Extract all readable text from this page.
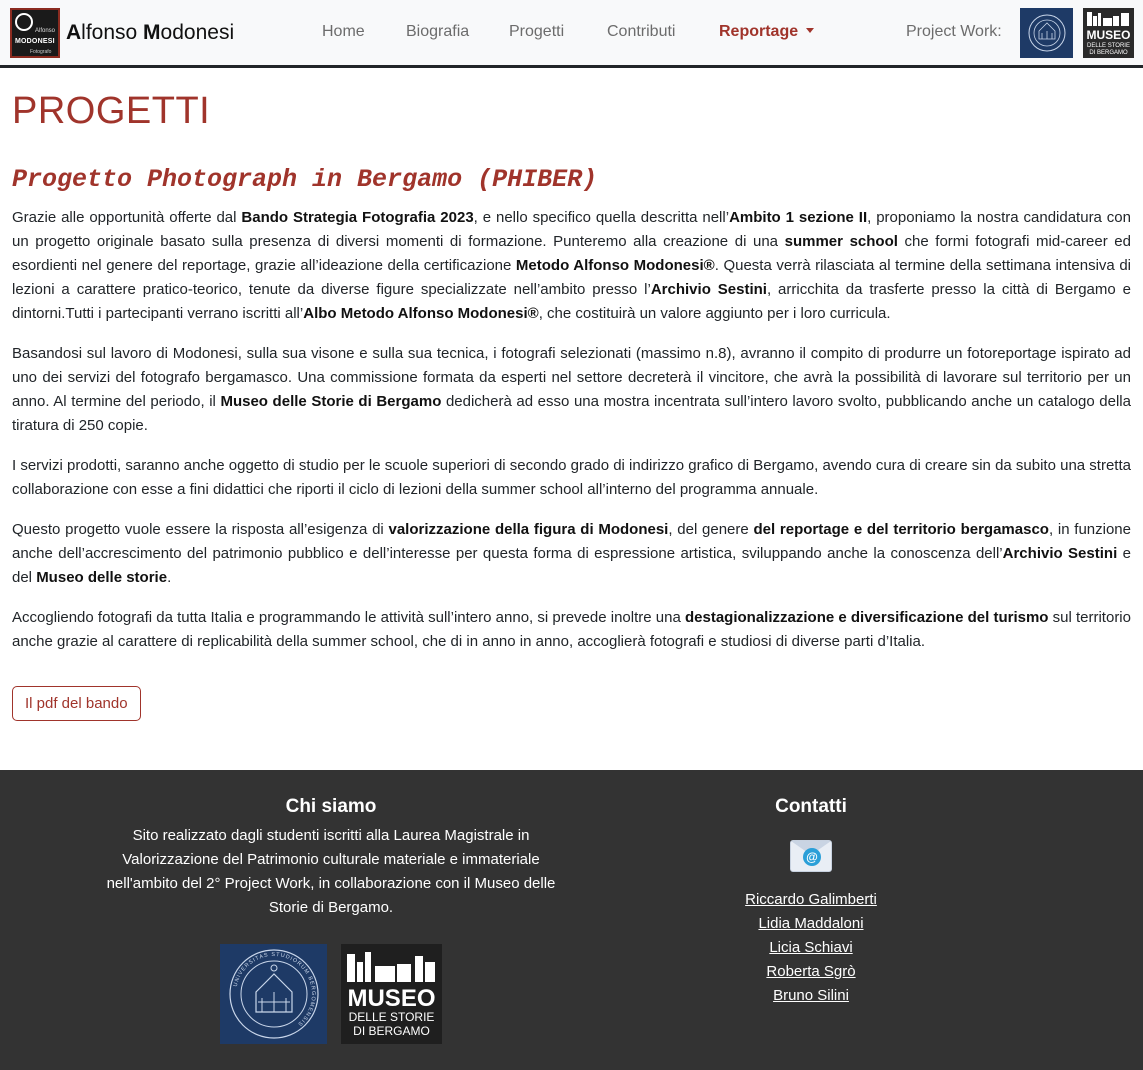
Alfonso
MODONESI
Fotografo
Alfonso Modonesi	Home	Biografia Progetti	Contributi	Reportage	Project Work:	MUSEO
DELLE STORIE
DI BERGAMO
PROGETTI
Progetto Photograph in Bergamo (PHIBER)

Grazie alle opportunità offerte dal Bando Strategia Fotografia 2023, e nello specifico quella descritta nell’Ambito 1 sezione II, proponiamo la nostra candidatura con un progetto originale basato sulla presenza di diversi momenti di formazione. Punteremo alla creazione di una summer school che formi fotografi mid-career ed esordienti nel genere del reportage, grazie all’ideazione della certificazione Metodo Alfonso Modonesi®. Questa verrà rilasciata al termine della settimana intensiva di lezioni a carattere pratico-teorico, tenute da diverse figure specializzate nell’ambito presso l’Archivio Sestini, arricchita da trasferte presso la città di Bergamo e dintorni.Tutti i partecipanti verrano iscritti all’Albo Metodo Alfonso Modonesi®, che costituirà un valore aggiunto per i loro curricula.

Basandosi sul lavoro di Modonesi, sulla sua visone e sulla sua tecnica, i fotografi selezionati (massimo n.8), avranno il compito di produrre un fotoreportage ispirato ad uno dei servizi del fotografo bergamasco. Una commissione formata da esperti nel settore decreterà il vincitore, che avrà la possibilità di lavorare sul territorio per un anno. Al termine del periodo, il Museo delle Storie di Bergamo dedicherà ad esso una mostra incentrata sull’intero lavoro svolto, pubblicando anche un catalogo della tiratura di 250 copie.

I servizi prodotti, saranno anche oggetto di studio per le scuole superiori di secondo grado di indirizzo grafico di Bergamo, avendo cura di creare sin da subito una stretta collaborazione con esse a fini didattici che riporti il ciclo di lezioni della summer school all’interno del programma annuale.

Questo progetto vuole essere la risposta all’esigenza di valorizzazione della figura di Modonesi, del genere del reportage e del territorio bergamasco, in funzione anche dell’accrescimento del patrimonio pubblico e dell’interesse per questa forma di espressione artistica, sviluppando anche la conoscenza dell’Archivio Sestini e del Museo delle storie.

Accogliendo fotografi da tutta Italia e programmando le attività sull’intero anno, si prevede inoltre una destagionalizzazione e diversificazione del turismo sul territorio anche grazie al carattere di replicabilità della summer school, che di in anno in anno, accoglierà fotografi e studiosi di diverse parti d’Italia.

Il pdf del bando
Chi siamo

Sito realizzato dagli studenti iscritti alla Laurea Magistrale in Valorizzazione del Patrimonio culturale materiale e immateriale nell'ambito del 2° Project Work, in collaborazione con il Museo delle Storie di Bergamo.

UNIVERSITAS STUDIORUM BERGOMENSIS
MUSEO
DELLE STORIE
DI BERGAMO
Contatti
@
Riccardo Galimberti
Lidia Maddaloni
Licia Schiavi
Roberta Sgrò
Bruno Silini
